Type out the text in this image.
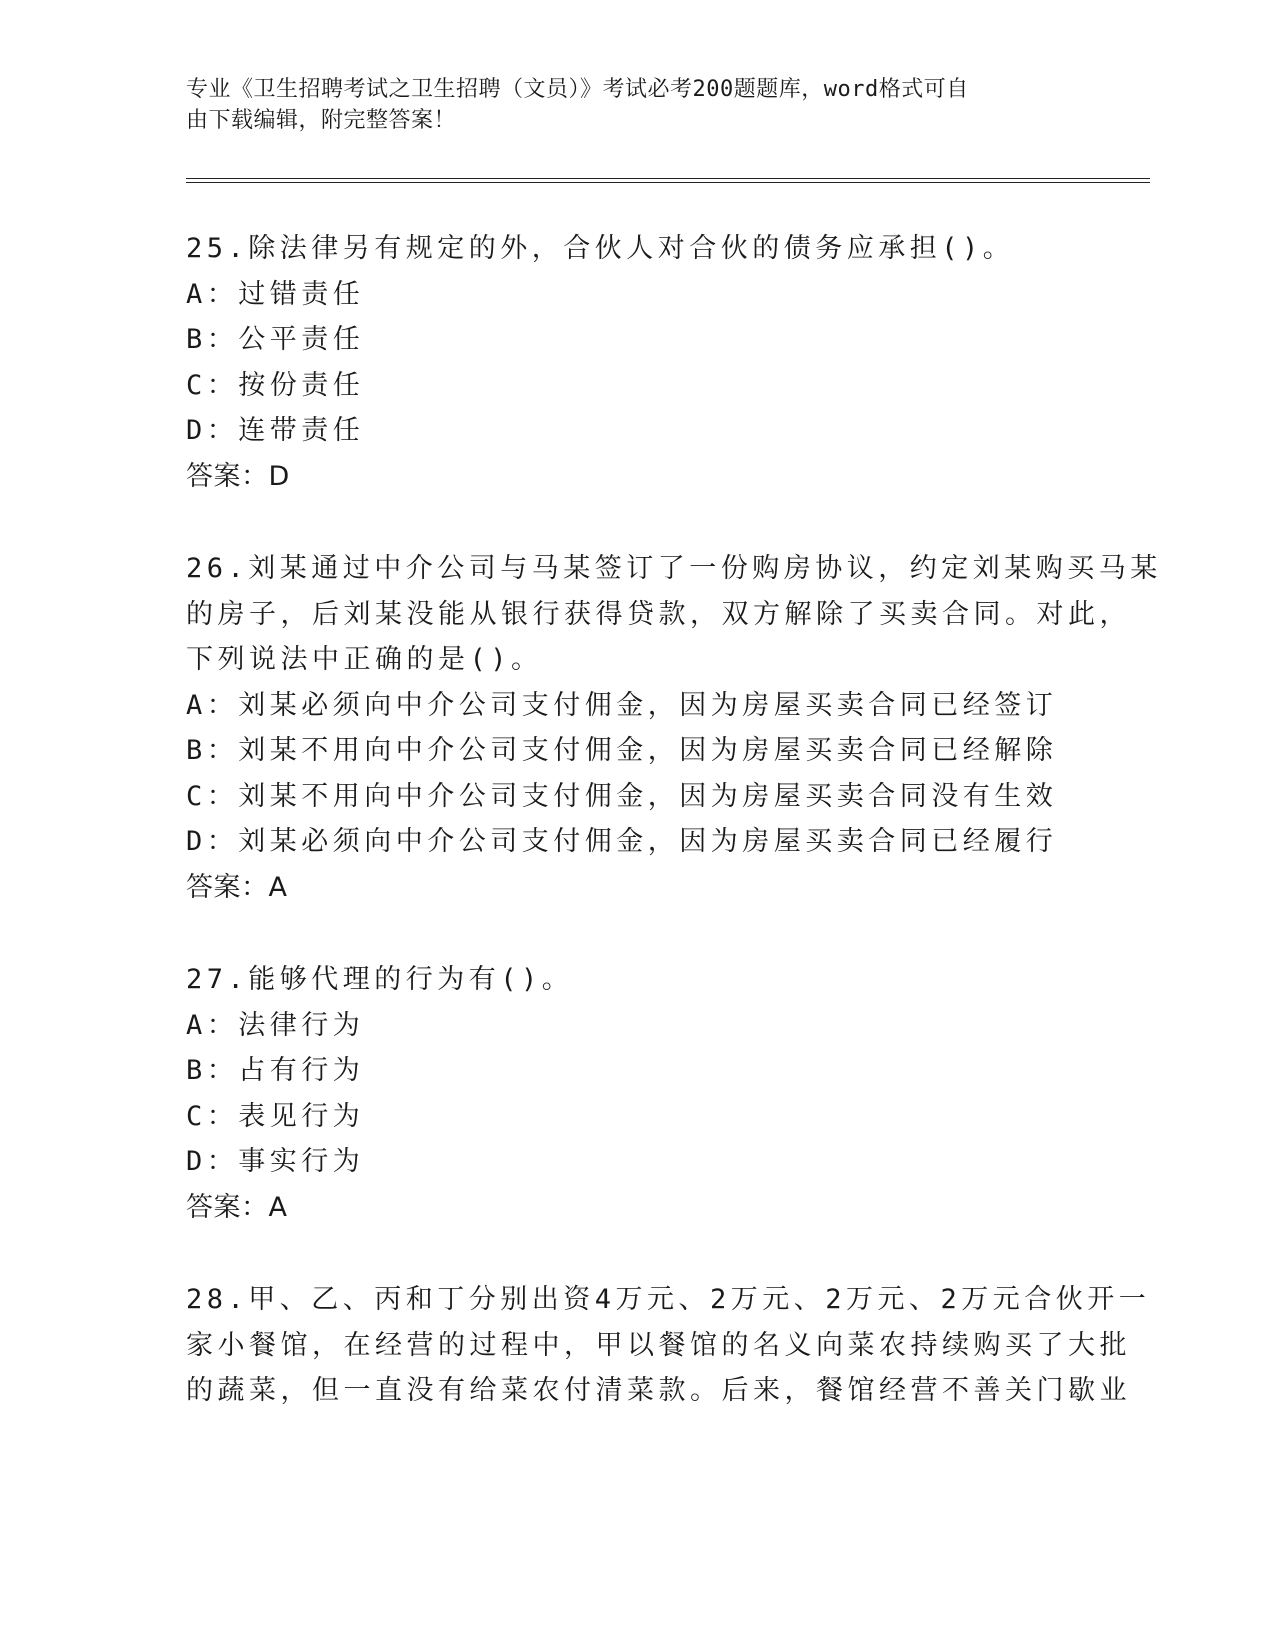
专业《卫生招聘考试之卫生招聘（文员）》考试必考200题题库，word格式可自
由下载编辑，附完整答案！
25.除法律另有规定的外，合伙人对合伙的债务应承担()。
A：过错责任
B：公平责任
C：按份责任
D：连带责任
答案：D
26.刘某通过中介公司与马某签订了一份购房协议，约定刘某购买马某
的房子，后刘某没能从银行获得贷款，双方解除了买卖合同。对此，
下列说法中正确的是()。
A：刘某必须向中介公司支付佣金，因为房屋买卖合同已经签订
B：刘某不用向中介公司支付佣金，因为房屋买卖合同已经解除
C：刘某不用向中介公司支付佣金，因为房屋买卖合同没有生效
D：刘某必须向中介公司支付佣金，因为房屋买卖合同已经履行
答案：A
27.能够代理的行为有()。
A：法律行为
B：占有行为
C：表见行为
D：事实行为
答案：A
28.甲、乙、丙和丁分别出资4万元、2万元、2万元、2万元合伙开一
家小餐馆，在经营的过程中，甲以餐馆的名义向菜农持续购买了大批
的蔬菜，但一直没有给菜农付清菜款。后来，餐馆经营不善关门歇业
